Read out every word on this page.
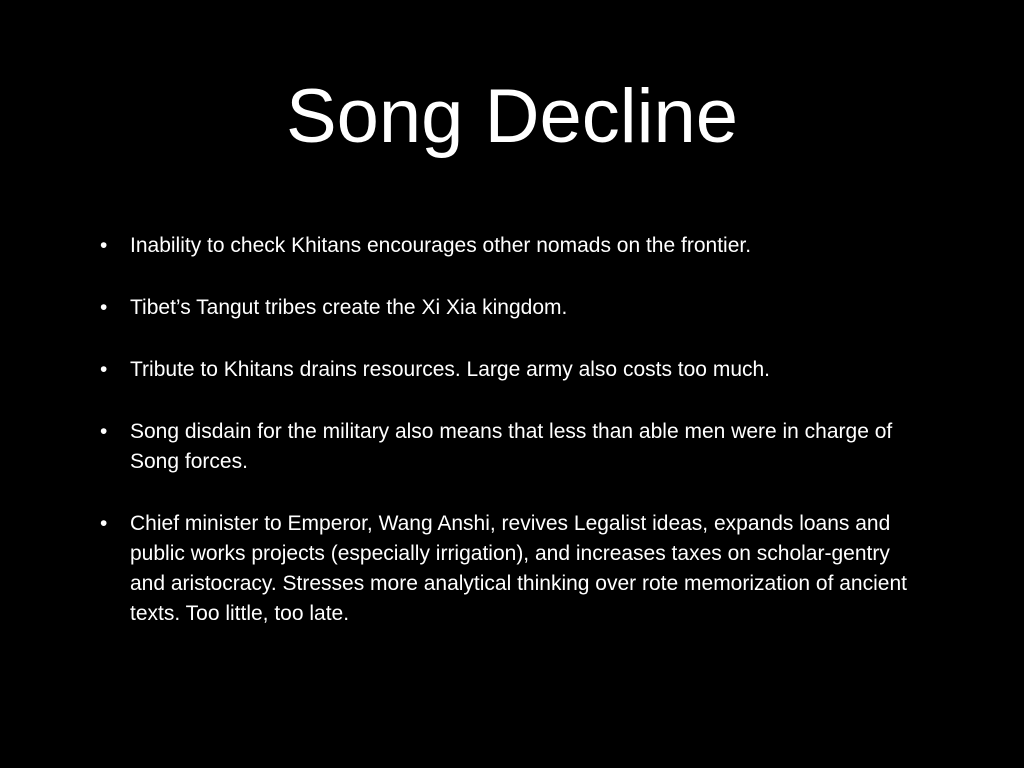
Song Decline
• Inability to check Khitans encourages other nomads on the frontier.
• Tibet’s Tangut tribes create the Xi Xia kingdom.
• Tribute to Khitans drains resources. Large army also costs too much.
• Song disdain for the military also means that less than able men were in charge of Song forces.
• Chief minister to Emperor, Wang Anshi, revives Legalist ideas, expands loans and public works projects (especially irrigation), and increases taxes on scholar-gentry and aristocracy. Stresses more analytical thinking over rote memorization of ancient texts. Too little, too late.
